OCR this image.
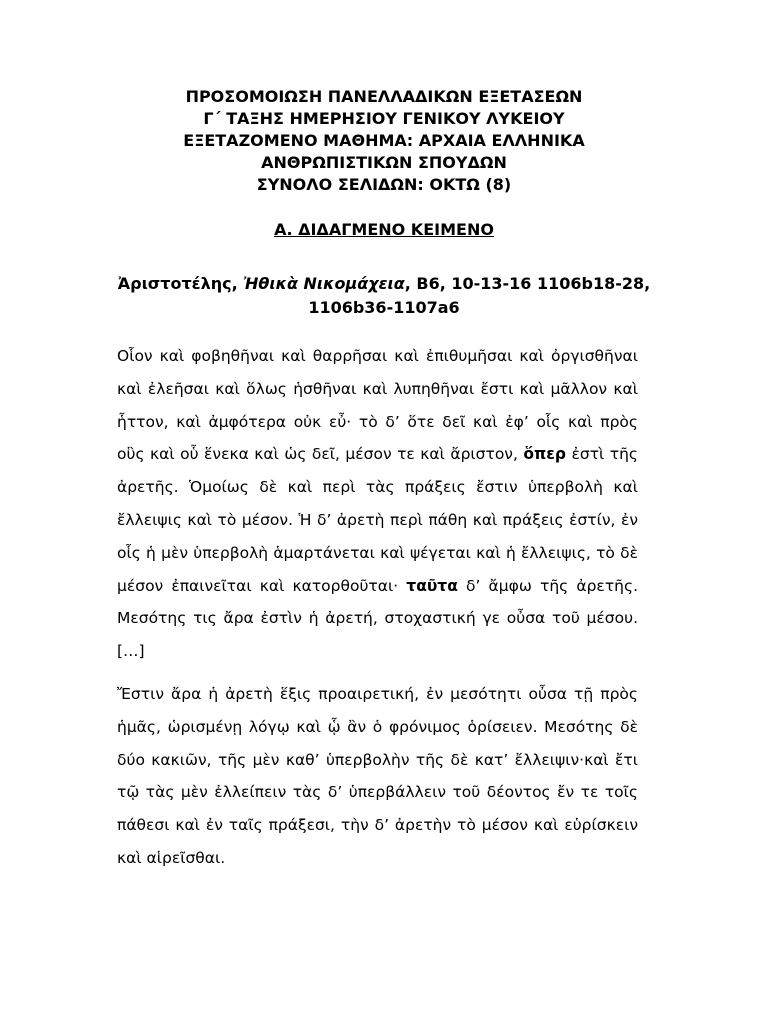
ΠΡΟΣΟΜΟΙΩΣΗ ΠΑΝΕΛΛΑΔΙΚΩΝ ΕΞΕΤΑΣΕΩΝ
Γ΄ ΤΑΞΗΣ ΗΜΕΡΗΣΙΟΥ ΓΕΝΙΚΟΥ ΛΥΚΕΙΟΥ
ΕΞΕΤΑΖΟΜΕΝΟ ΜΑΘΗΜΑ: ΑΡΧΑΙΑ ΕΛΛΗΝΙΚΑ
ΑΝΘΡΩΠΙΣΤΙΚΩΝ ΣΠΟΥΔΩΝ
ΣΥΝΟΛΟ ΣΕΛΙΔΩΝ: ΟΚΤΩ (8)
Α. ΔΙΔΑΓΜΕΝΟ ΚΕΙΜΕΝΟ
Ἀριστοτέλης, Ἠθικὰ Νικομάχεια, Β6, 10-13-16 1106b18-28,
1106b36-1107a6
Οἷον καὶ φοβηθῆναι καὶ θαρρῆσαι καὶ ἐπιθυμῆσαι καὶ ὀργισθῆναι
καὶ ἐλεῆσαι καὶ ὅλως ἡσθῆναι καὶ λυπηθῆναι ἔστι καὶ μᾶλλον καὶ
ἧττον, καὶ ἀμφότερα οὐκ εὖ· τὸ δ’ ὅτε δεῖ καὶ ἐφ’ οἷς καὶ πρὸς
οὓς καὶ οὗ ἕνεκα καὶ ὡς δεῖ, μέσον τε καὶ ἄριστον, ὅπερ ἐστὶ τῆς
ἀρετῆς. Ὁμοίως δὲ καὶ περὶ τὰς πράξεις ἔστιν ὑπερβολὴ καὶ
ἔλλειψις καὶ τὸ μέσον. Ἡ δ’ ἀρετὴ περὶ πάθη καὶ πράξεις ἐστίν, ἐν
οἷς ἡ μὲν ὑπερβολὴ ἁμαρτάνεται καὶ ψέγεται καὶ ἡ ἔλλειψις, τὸ δὲ
μέσον ἐπαινεῖται καὶ κατορθοῦται· ταῦτα δ’ ἄμφω τῆς ἀρετῆς.
Μεσότης τις ἄρα ἐστὶν ἡ ἀρετή, στοχαστική γε οὖσα τοῦ μέσου.
[…]
Ἔστιν ἄρα ἡ ἀρετὴ ἕξις προαιρετική, ἐν μεσότητι οὖσα τῇ πρὸς
ἡμᾶς, ὡρισμένῃ λόγῳ καὶ ᾧ ἂν ὁ φρόνιμος ὁρίσειεν. Μεσότης δὲ
δύο κακιῶν, τῆς μὲν καθ’ ὑπερβολὴν τῆς δὲ κατ’ ἔλλειψιν·καὶ ἔτι
τῷ τὰς μὲν ἐλλείπειν τὰς δ’ ὑπερβάλλειν τοῦ δέοντος ἔν τε τοῖς
πάθεσι καὶ ἐν ταῖς πράξεσι, τὴν δ’ ἀρετὴν τὸ μέσον καὶ εὑρίσκειν
καὶ αἱρεῖσθαι.
